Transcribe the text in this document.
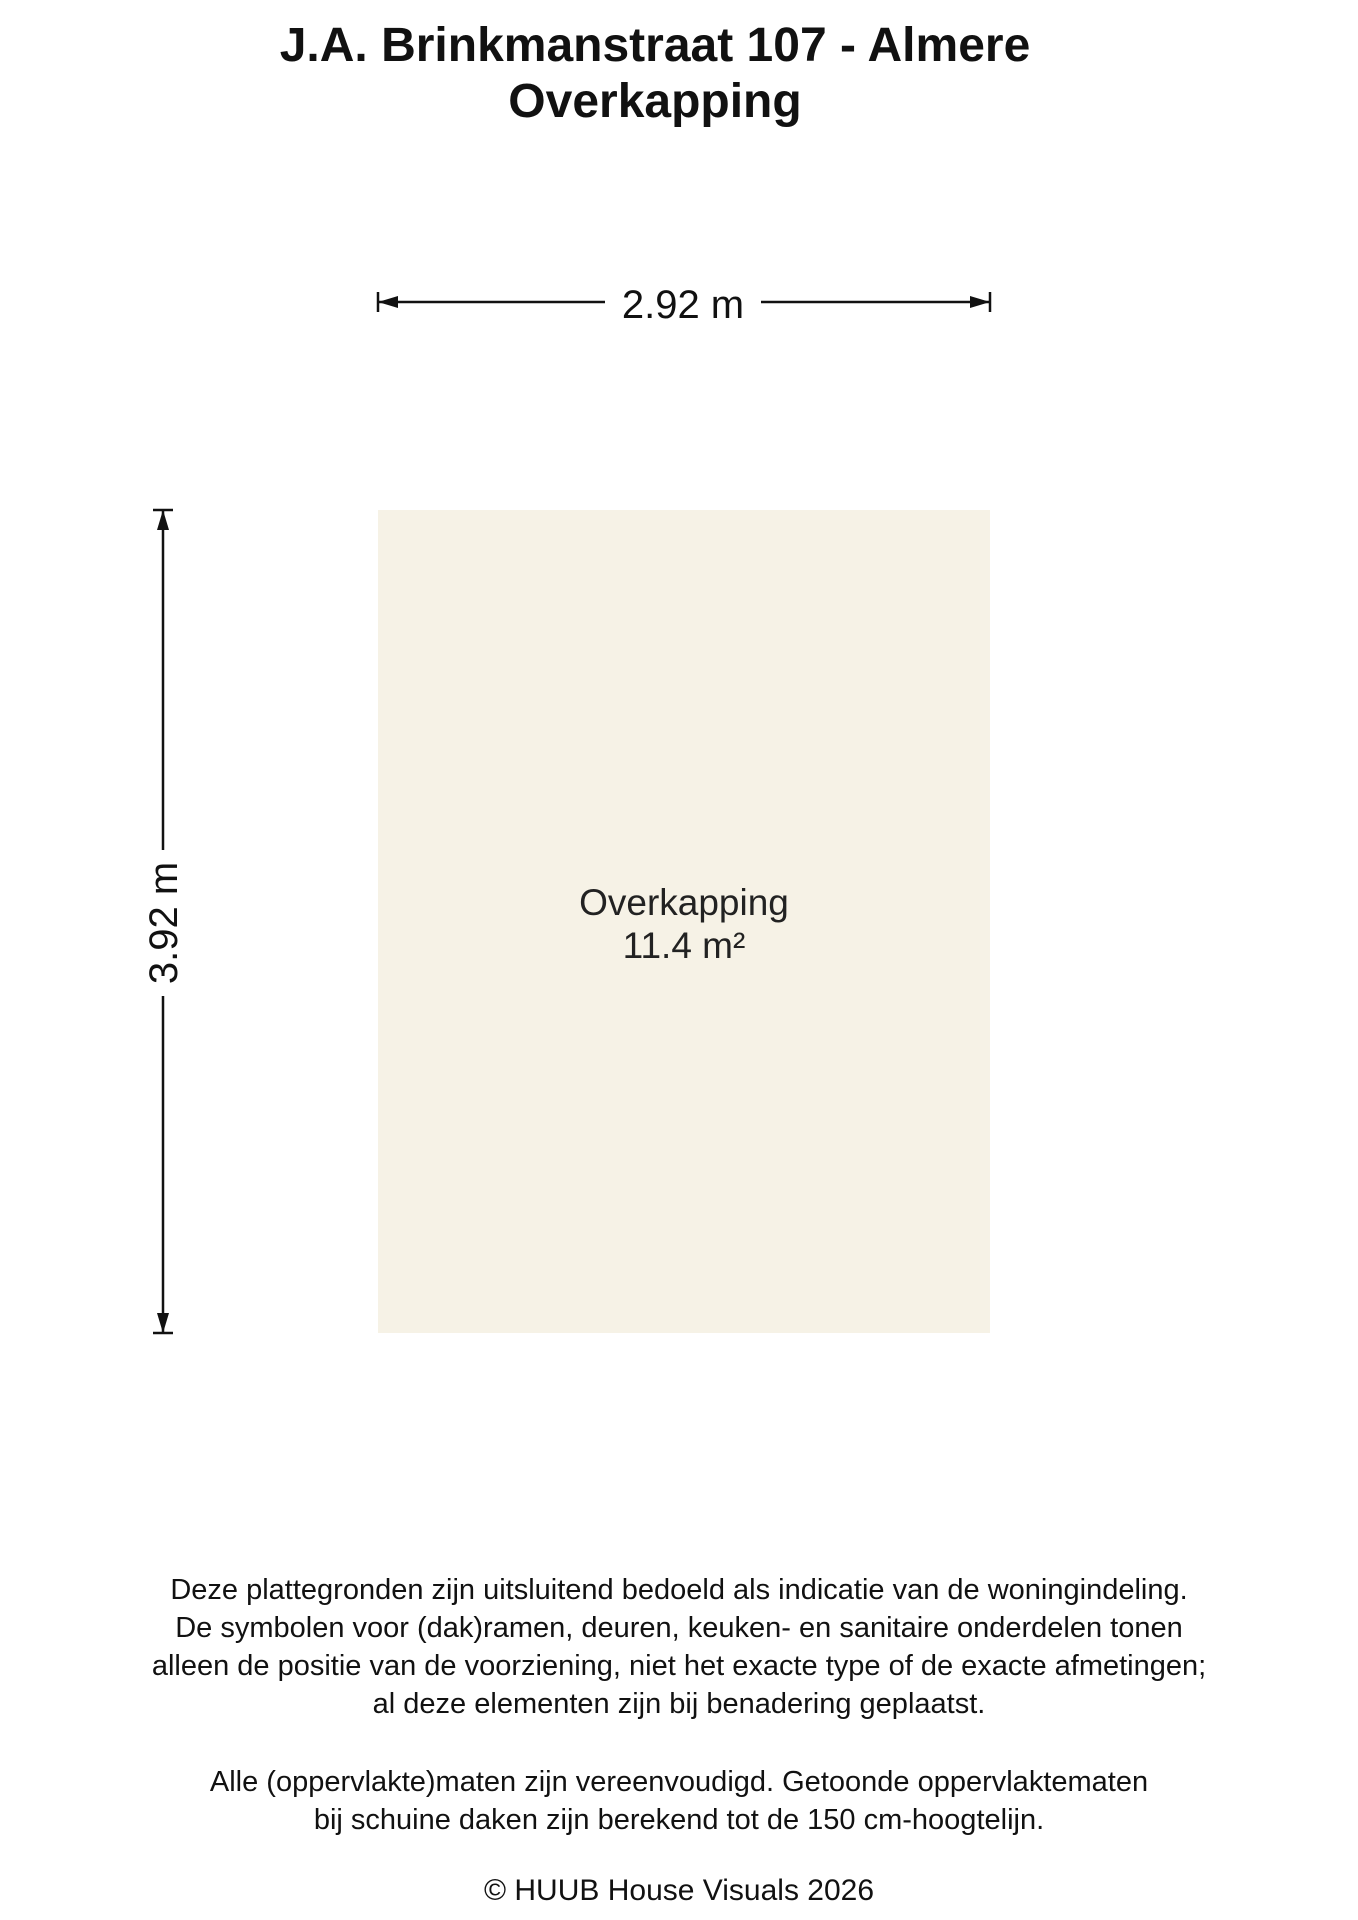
J.A. Brinkmanstraat 107 - Almere
Overkapping
2.92 m
3.92 m	Overkapping
11.4 m²
Deze plattegronden zijn uitsluitend bedoeld als indicatie van de woningindeling.
De symbolen voor (dak)ramen, deuren, keuken- en sanitaire onderdelen tonen
alleen de positie van de voorziening, niet het exacte type of de exacte afmetingen;
al deze elementen zijn bij benadering geplaatst.
Alle (oppervlakte)maten zijn vereenvoudigd. Getoonde oppervlaktematen
bij schuine daken zijn berekend tot de 150 cm-hoogtelijn.
© HUUB House Visuals 2026
